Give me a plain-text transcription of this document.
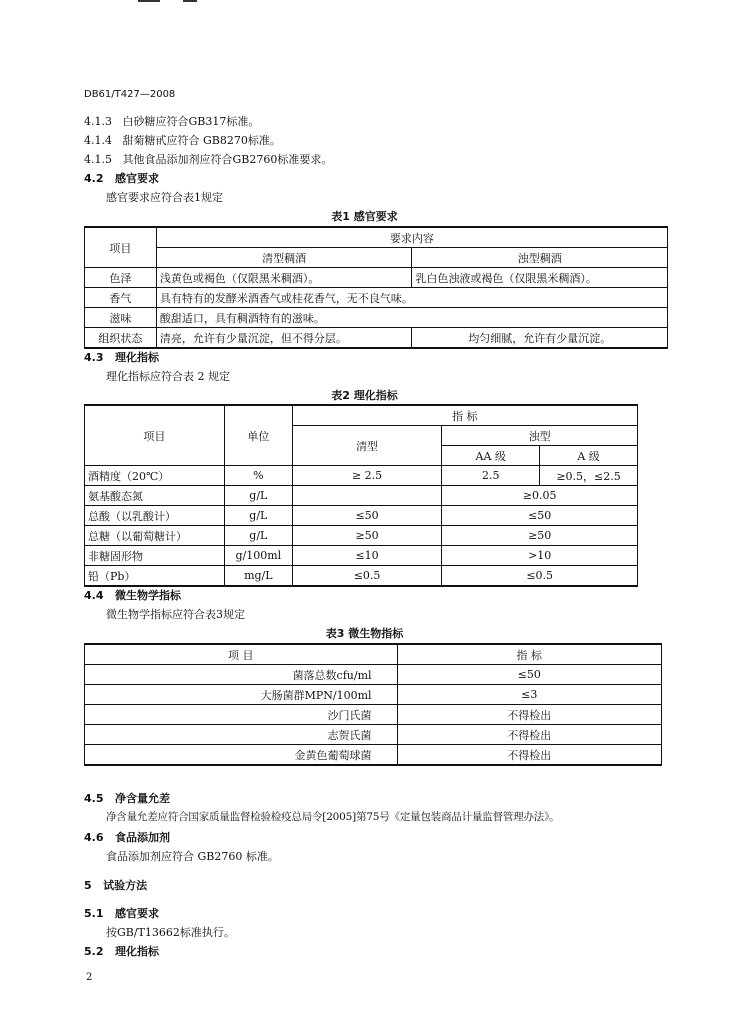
DB61/T427—2008
4.1.3 白砂糖应符合GB317标准。
4.1.4 甜菊糖甙应符合 GB8270标准。
4.1.5 其他食品添加剂应符合GB2760标准要求。
4.2 感官要求
感官要求应符合表1规定
表1 感官要求
项目	要求内容	
	清型稠酒	浊型稠酒
色泽	浅黄色或褐色（仅限黑米稠酒）。	乳白色浊液或褐色（仅限黑米稠酒）。
香气	具有特有的发酵米酒香气或桂花香气，无不良气味。	
滋味	酸甜适口，具有稠酒特有的滋味。	
组织状态	清亮，允许有少量沉淀，但不得分层。	均匀细腻，允许有少量沉淀。
4.3 理化指标
理化指标应符合表 2 规定
表2 理化指标
项目	单位	指 标		
		清型	浊型	
			AA 级	A 级
酒精度（20℃）	%	≥ 2.5	2.5	≥0.5，≤2.5
氨基酸态氮	g/L		≥0.05	
总酸（以乳酸计）	g/L	≤50	≤50	
总糖（以葡萄糖计）	g/L	≥50	≥50	
非糖固形物	g/100ml	≤10	>10	
铅（Pb）	mg/L	≤0.5	≤0.5	
4.4 微生物学指标
微生物学指标应符合表3规定
表3 微生物指标
项 目	指 标
菌落总数cfu/ml	≤50
大肠菌群MPN/100ml	≤3
沙门氏菌	不得检出
志贺氏菌	不得检出
金黄色葡萄球菌	不得检出
4.5 净含量允差
净含量允差应符合国家质量监督检验检疫总局令[2005]第75号《定量包装商品计量监督管理办法》。
4.6 食品添加剂
食品添加剂应符合 GB2760 标准。
5 试验方法
5.1 感官要求
按GB/T13662标准执行。
5.2 理化指标
2
